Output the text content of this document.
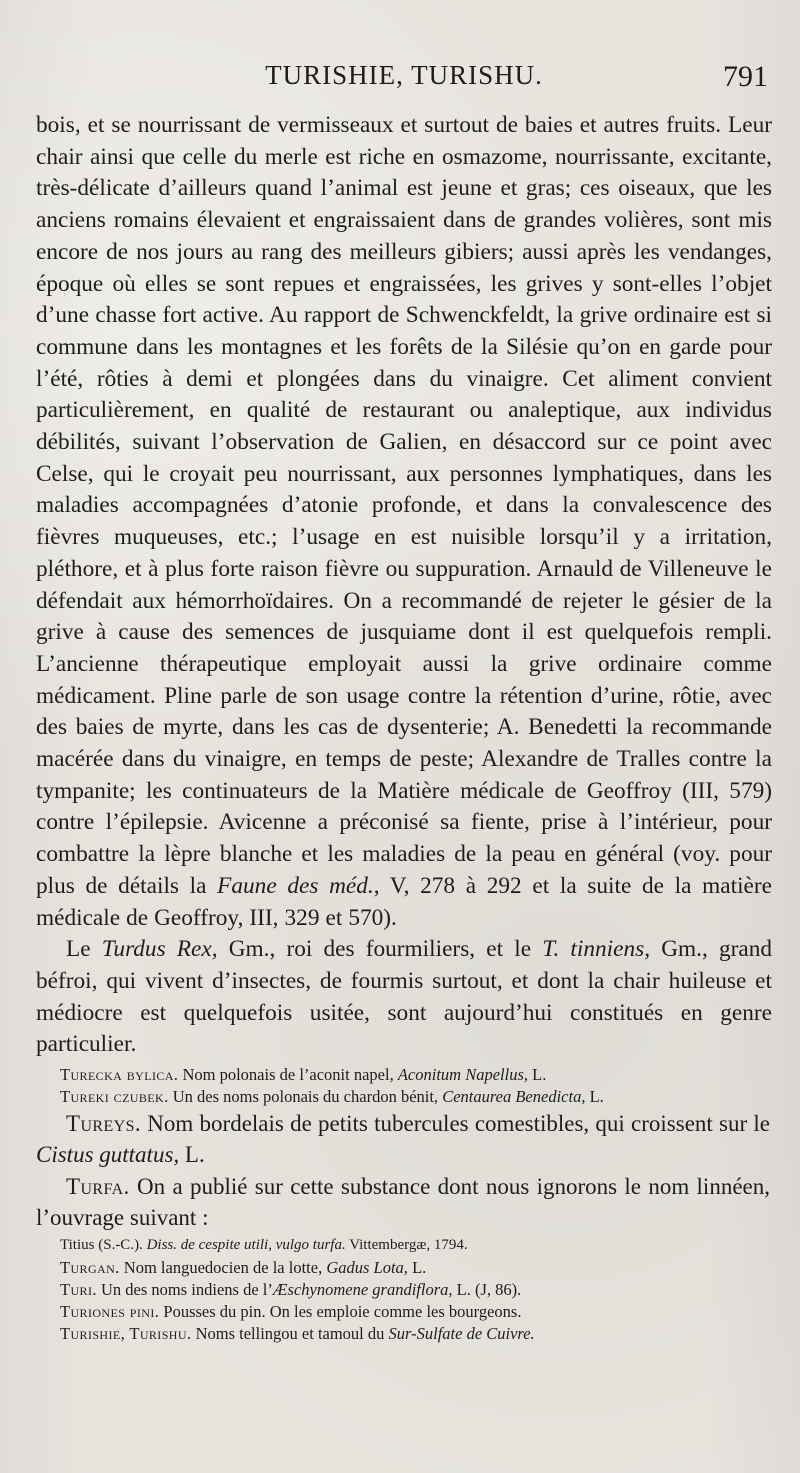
TURISHIE, TURISHU.	791

bois, et se nourrissant de vermisseaux et surtout de baies et autres fruits. Leur chair ainsi que celle du merle est riche en osmazome, nourrissante, excitante, très-délicate d’ailleurs quand l’animal est jeune et gras; ces oiseaux, que les anciens romains élevaient et engraissaient dans de grandes volières, sont mis encore de nos jours au rang des meilleurs gibiers; aussi après les vendanges, époque où elles se sont repues et engraissées, les grives y sont-elles l’objet d’une chasse fort active. Au rapport de Schwenckfeldt, la grive ordinaire est si commune dans les montagnes et les forêts de la Silésie qu’on en garde pour l’été, rôties à demi et plongées dans du vinaigre. Cet aliment convient particulièrement, en qualité de restaurant ou analeptique, aux individus débilités, suivant l’observation de Galien, en désaccord sur ce point avec Celse, qui le croyait peu nourrissant, aux personnes lymphatiques, dans les maladies accompagnées d’atonie profonde, et dans la convalescence des fièvres muqueuses, etc.; l’usage en est nuisible lorsqu’il y a irritation, pléthore, et à plus forte raison fièvre ou suppuration. Arnauld de Villeneuve le défendait aux hémorrhoïdaires. On a recommandé de rejeter le gésier de la grive à cause des semences de jusquiame dont il est quelquefois rempli. L’ancienne thérapeutique employait aussi la grive ordinaire comme médicament. Pline parle de son usage contre la rétention d’urine, rôtie, avec des baies de myrte, dans les cas de dysenterie; A. Benedetti la recommande macérée dans du vinaigre, en temps de peste; Alexandre de Tralles contre la tympanite; les continuateurs de la Matière médicale de Geoffroy (III, 579) contre l’épilepsie. Avicenne a préconisé sa fiente, prise à l’intérieur, pour combattre la lèpre blanche et les maladies de la peau en général (voy. pour plus de détails la Faune des méd., V, 278 à 292 et la suite de la matière médicale de Geoffroy, III, 329 et 570).

Le Turdus Rex, Gm., roi des fourmiliers, et le T. tinniens, Gm., grand béfroi, qui vivent d’insectes, de fourmis surtout, et dont la chair huileuse et médiocre est quelquefois usitée, sont aujourd’hui constitués en genre particulier.

Turecka bylica. Nom polonais de l’aconit napel, Aconitum Napellus, L.

Tureki czubek. Un des noms polonais du chardon bénit, Centaurea Benedicta, L.

Tureys. Nom bordelais de petits tubercules comestibles, qui croissent sur le Cistus guttatus, L.

Turfa. On a publié sur cette substance dont nous ignorons le nom linnéen, l’ouvrage suivant :

Titius (S.-C.). Diss. de cespite utili, vulgo turfa. Vittembergæ, 1794.

Turgan. Nom languedocien de la lotte, Gadus Lota, L.

Turi. Un des noms indiens de l’Æschynomene grandiflora, L. (J, 86).

Turiones pini. Pousses du pin. On les emploie comme les bourgeons.

Turishie, Turishu. Noms tellingou et tamoul du Sur-Sulfate de Cuivre.
